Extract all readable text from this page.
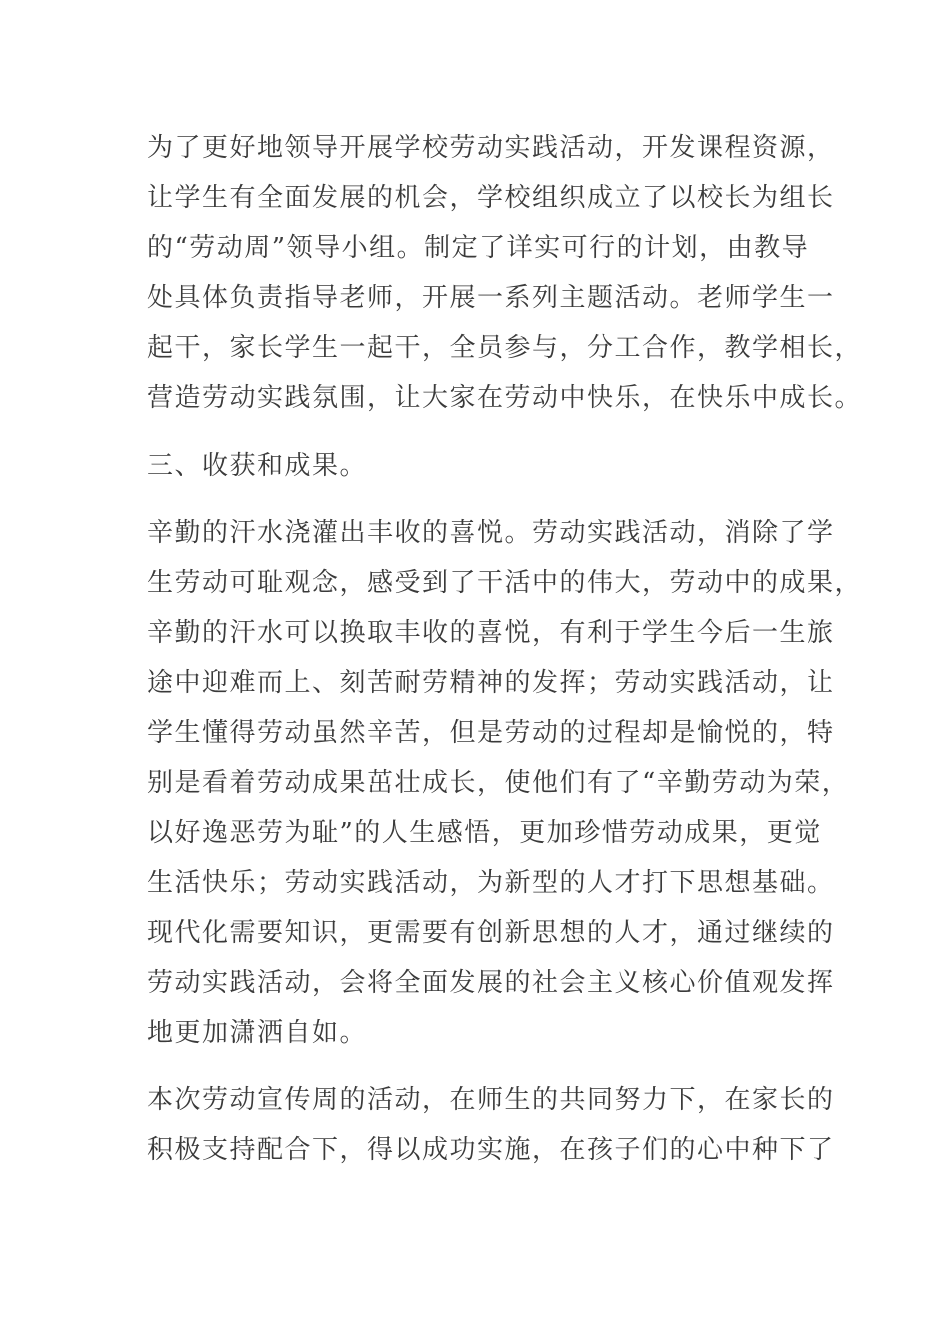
为了更好地领导开展学校劳动实践活动，开发课程资源，
让学生有全面发展的机会，学校组织成立了以校长为组长
的“劳动周”领导小组。制定了详实可行的计划，由教导
处具体负责指导老师，开展一系列主题活动。老师学生一
起干，家长学生一起干，全员参与，分工合作，教学相长，
营造劳动实践氛围，让大家在劳动中快乐，在快乐中成长。
三、收获和成果。
辛勤的汗水浇灌出丰收的喜悦。劳动实践活动，消除了学
生劳动可耻观念，感受到了干活中的伟大，劳动中的成果，
辛勤的汗水可以换取丰收的喜悦，有利于学生今后一生旅
途中迎难而上、刻苦耐劳精神的发挥；劳动实践活动，让
学生懂得劳动虽然辛苦，但是劳动的过程却是愉悦的，特
别是看着劳动成果茁壮成长，使他们有了“辛勤劳动为荣，
以好逸恶劳为耻”的人生感悟，更加珍惜劳动成果，更觉
生活快乐；劳动实践活动，为新型的人才打下思想基础。
现代化需要知识，更需要有创新思想的人才，通过继续的
劳动实践活动，会将全面发展的社会主义核心价值观发挥
地更加潇洒自如。
本次劳动宣传周的活动，在师生的共同努力下，在家长的
积极支持配合下，得以成功实施，在孩子们的心中种下了
